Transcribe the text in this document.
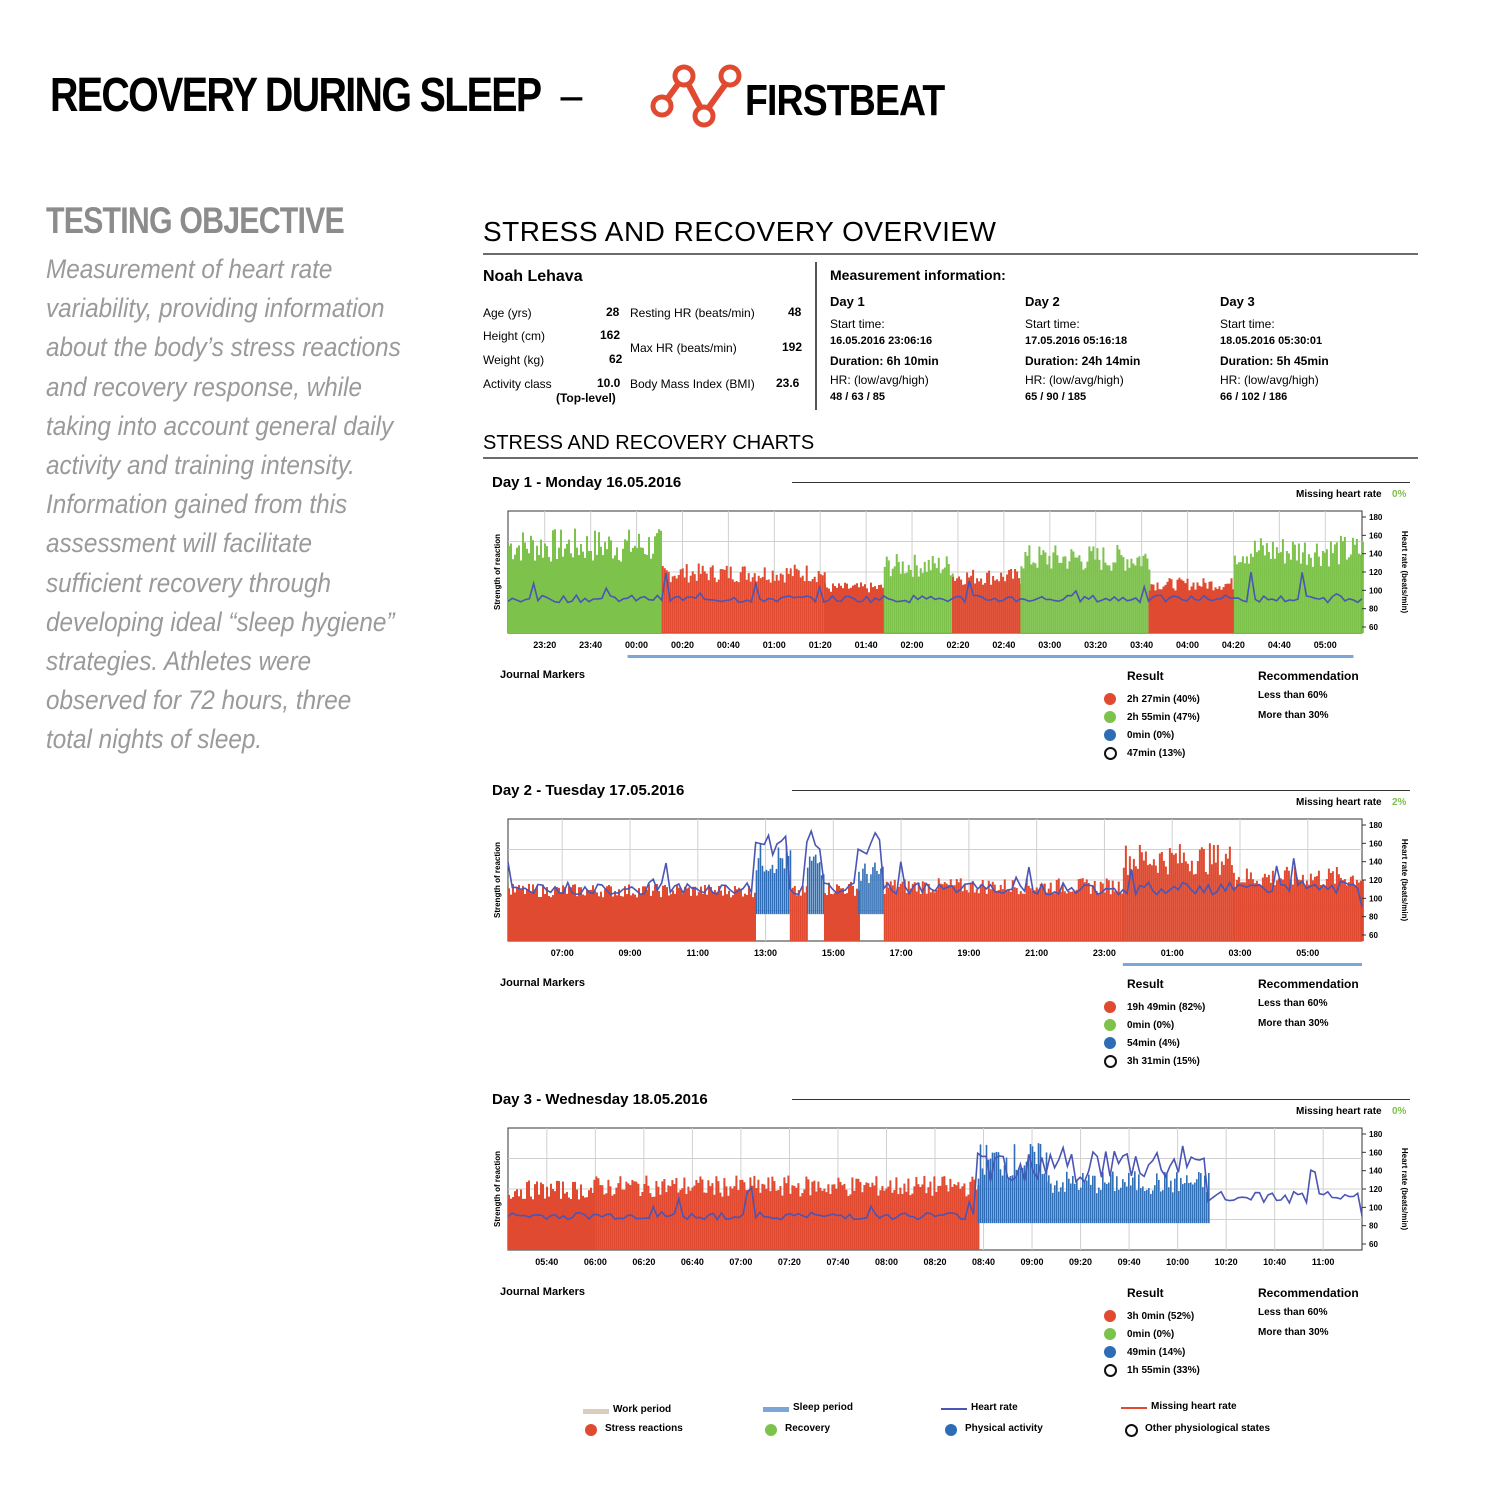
RECOVERY DURING SLEEP –	FIRSTBEAT
TESTING OBJECTIVE
Measurement of heart rate
variability, providing information
about the body’s stress reactions
and recovery response, while
taking into account general daily
activity and training intensity.
Information gained from this
assessment will facilitate
sufficient recovery through
developing ideal “sleep hygiene”
strategies. Athletes were
observed for 72 hours, three
total nights of sleep.
STRESS AND RECOVERY OVERVIEW
Noah Lehava
Age (yrs)	28
Height (cm)	162
Weight (kg)	62
Activity class	10.0
(Top-level)
Resting HR (beats/min)	48
Max HR (beats/min)	192
Body Mass Index (BMI) 23.6
Measurement information:
Day 1
Start time:
16.05.2016 23:06:16
Duration: 6h 10min
HR: (low/avg/high)
48 / 63 / 85
Day 2
Start time:
17.05.2016 05:16:18
Duration: 24h 14min
HR: (low/avg/high)
65 / 90 / 185
Day 3
Start time:
18.05.2016 05:30:01
Duration: 5h 45min
HR: (low/avg/high)
66 / 102 / 186
STRESS AND RECOVERY CHARTS
Day 1 - Monday 16.05.2016
Missing heart rate 0%
180
160
140
120
100
80
60
Heart rate (beats/min)
Strength of reaction
23:20	23:40	00:00	00:20	00:40	01:00	01:20	01:40	02:00	02:20	02:40	03:00	03:20	03:40	04:00	04:20	04:40	05:00
Journal Markers	Result	Recommendation
Less than 60%
More than 30%
2h 27min (40%)
2h 55min (47%)
0min (0%)
47min (13%)
Day 2 - Tuesday 17.05.2016
Missing heart rate 2%
180
160
140
120
100
80
60
Heart rate (beats/min)
Strength of reaction
07:00	09:00	11:00	13:00	15:00	17:00	19:00	21:00	23:00	01:00	03:00	05:00
Journal Markers	Result	Recommendation
Less than 60%
More than 30%
19h 49min (82%)
0min (0%)
54min (4%)
3h 31min (15%)
Day 3 - Wednesday 18.05.2016
Missing heart rate 0%
180
160
140
120
100
80
60
Heart rate (beats/min)
Strength of reaction
05:40	06:00	06:20	06:40	07:00	07:20	07:40	08:00	08:20	08:40	09:00	09:20	09:40	10:00	10:20	10:40	11:00
Journal Markers	Result	Recommendation
Less than 60%
More than 30%
3h 0min (52%)
0min (0%)
49min (14%)
1h 55min (33%)
Work period	Sleep period	Heart rate	Missing heart rate
Stress reactions	Recovery	Physical activity	Other physiological states
